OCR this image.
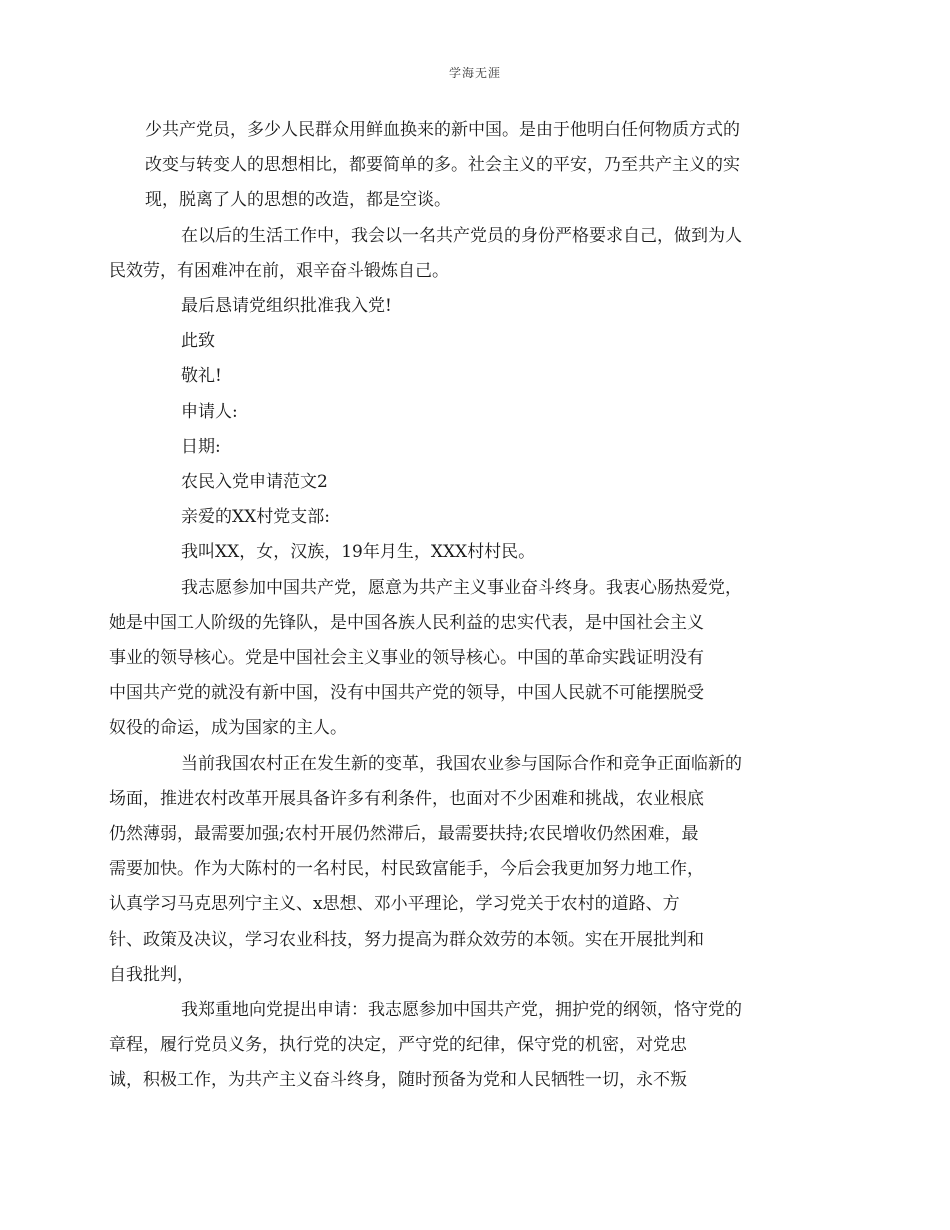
学海无涯
少共产党员，多少人民群众用鲜血换来的新中国。是由于他明白任何物质方式的
改变与转变人的思想相比，都要简单的多。社会主义的平安，乃至共产主义的实
现，脱离了人的思想的改造，都是空谈。
在以后的生活工作中，我会以一名共产党员的身份严格要求自己，做到为人
民效劳，有困难冲在前，艰辛奋斗锻炼自己。
最后恳请党组织批准我入党!
此致
敬礼!
申请人:
日期:
农民入党申请范文2
亲爱的XX村党支部:
我叫XX，女，汉族，19年月生，XXX村村民。
我志愿参加中国共产党，愿意为共产主义事业奋斗终身。我衷心肠热爱党，
她是中国工人阶级的先锋队，是中国各族人民利益的忠实代表，是中国社会主义
事业的领导核心。党是中国社会主义事业的领导核心。中国的革命实践证明没有
中国共产党的就没有新中国，没有中国共产党的领导，中国人民就不可能摆脱受
奴役的命运，成为国家的主人。
当前我国农村正在发生新的变革，我国农业参与国际合作和竞争正面临新的
场面，推进农村改革开展具备许多有利条件，也面对不少困难和挑战，农业根底
仍然薄弱，最需要加强;农村开展仍然滞后，最需要扶持;农民增收仍然困难，最
需要加快。作为大陈村的一名村民，村民致富能手，今后会我更加努力地工作，
认真学习马克思列宁主义、x思想、邓小平理论，学习党关于农村的道路、方
针、政策及决议，学习农业科技，努力提高为群众效劳的本领。实在开展批判和
自我批判，
我郑重地向党提出申请：我志愿参加中国共产党，拥护党的纲领，恪守党的
章程，履行党员义务，执行党的决定，严守党的纪律，保守党的机密，对党忠
诚，积极工作，为共产主义奋斗终身，随时预备为党和人民牺牲一切，永不叛
